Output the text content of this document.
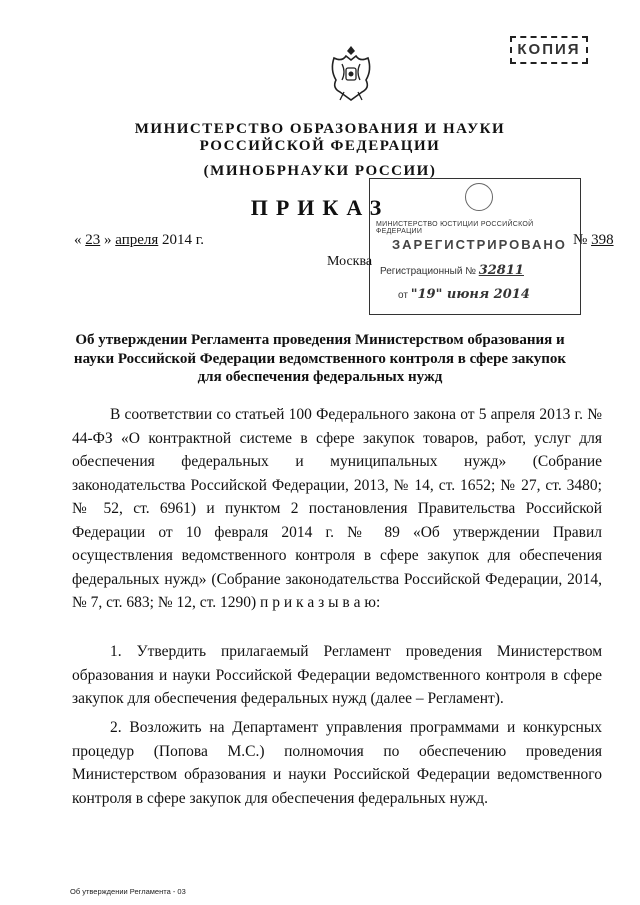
КОПИЯ
МИНИСТЕРСТВО ОБРАЗОВАНИЯ И НАУКИ
РОССИЙСКОЙ ФЕДЕРАЦИИ
(МИНОБРНАУКИ РОССИИ)
ПРИКАЗ
« 23 » апреля 2014 г.	№ 398
Москва
МИНИСТЕРСТВО ЮСТИЦИИ РОССИЙСКОЙ ФЕДЕРАЦИИ
ЗАРЕГИСТРИРОВАНО
Регистрационный № 32811
от "19" июня 2014
Об утверждении Регламента проведения Министерством образования и науки Российской Федерации ведомственного контроля в сфере закупок для обеспечения федеральных нужд
В соответствии со статьей 100 Федерального закона от 5 апреля 2013 г. № 44-ФЗ «О контрактной системе в сфере закупок товаров, работ, услуг для обеспечения федеральных и муниципальных нужд» (Собрание законодательства Российской Федерации, 2013, № 14, ст. 1652; № 27, ст. 3480; № 52, ст. 6961) и пунктом 2 постановления Правительства Российской Федерации от 10 февраля 2014 г. № 89 «Об утверждении Правил осуществления ведомственного контроля в сфере закупок для обеспечения федеральных нужд» (Собрание законодательства Российской Федерации, 2014, № 7, ст. 683; № 12, ст. 1290) п р и к а з ы в а ю:
1. Утвердить прилагаемый Регламент проведения Министерством образования и науки Российской Федерации ведомственного контроля в сфере закупок для обеспечения федеральных нужд (далее – Регламент).
2. Возложить на Департамент управления программами и конкурсных процедур (Попова М.С.) полномочия по обеспечению проведения Министерством образования и науки Российской Федерации ведомственного контроля в сфере закупок для обеспечения федеральных нужд.
Об утверждении Регламента - 03
